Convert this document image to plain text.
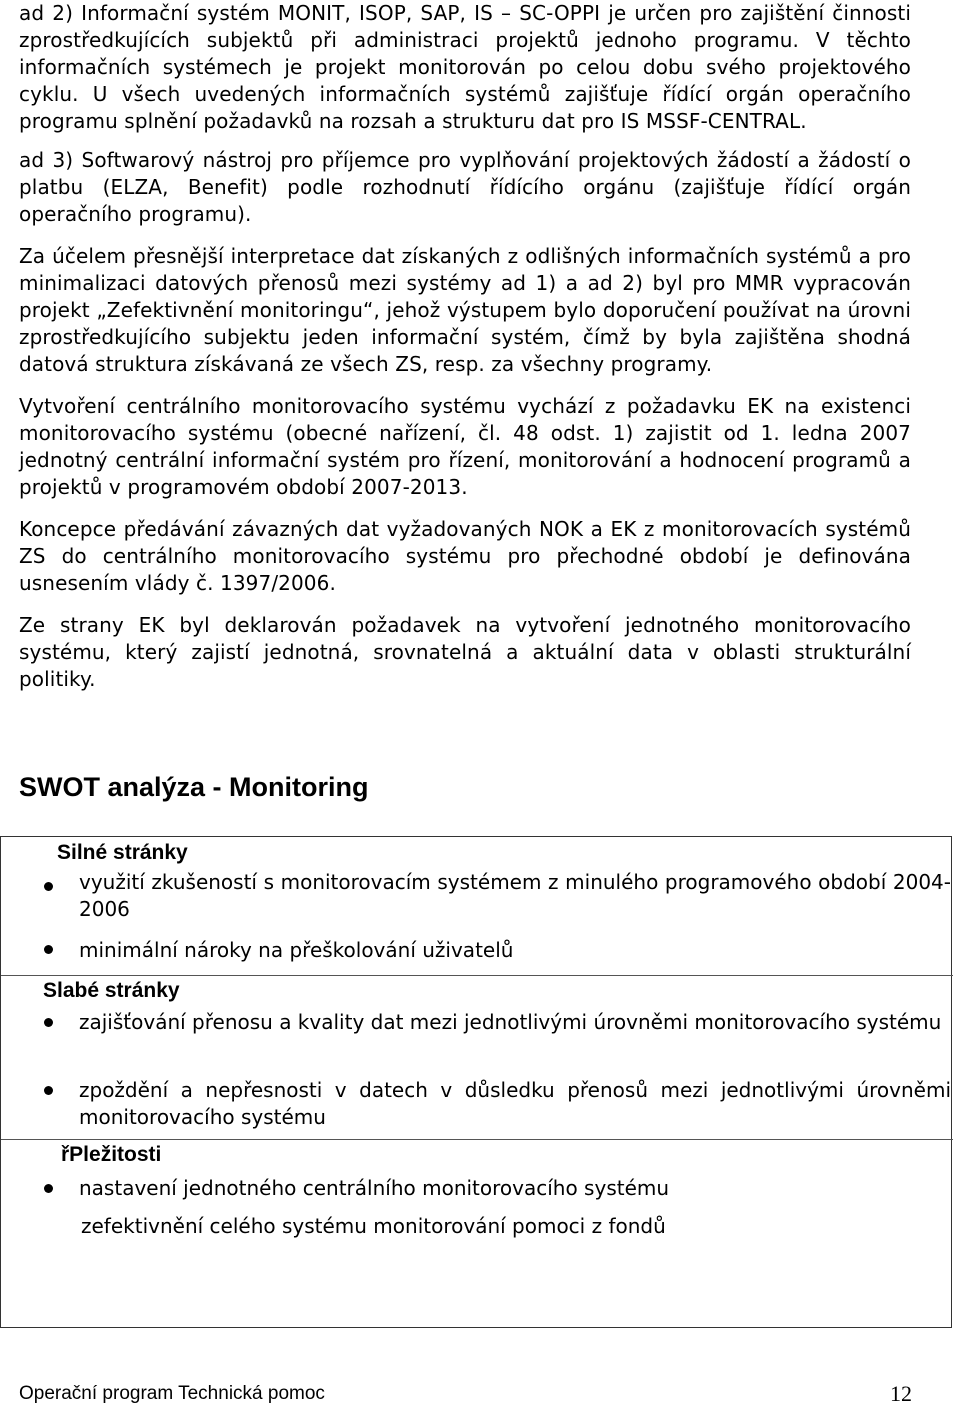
ad 2) Informační systém MONIT, ISOP, SAP, IS – SC-OPPI je určen pro zajištění činnosti zprostředkujících subjektů při administraci projektů jednoho programu. V těchto informačních systémech je projekt monitorován po celou dobu svého projektového cyklu. U všech uvedených informačních systémů zajišťuje řídící orgán operačního programu splnění požadavků na rozsah a strukturu dat pro IS MSSF-CENTRAL.

ad 3) Softwarový nástroj pro příjemce pro vyplňování projektových žádostí a žádostí o platbu (ELZA, Benefit) podle rozhodnutí řídícího orgánu (zajišťuje řídící orgán operačního programu).

Za účelem přesnější interpretace dat získaných z odlišných informačních systémů a pro minimalizaci datových přenosů mezi systémy ad 1) a ad 2) byl pro MMR vypracován projekt „Zefektivnění monitoringu“, jehož výstupem bylo doporučení používat na úrovni zprostředkujícího subjektu jeden informační systém, čímž by byla zajištěna shodná datová struktura získávaná ze všech ZS, resp. za všechny programy.

Vytvoření centrálního monitorovacího systému vychází z požadavku EK na existenci monitorovacího systému (obecné nařízení, čl. 48 odst. 1) zajistit od 1. ledna 2007 jednotný centrální informační systém pro řízení, monitorování a hodnocení programů a projektů v programovém období 2007-2013.

Koncepce předávání závazných dat vyžadovaných NOK a EK z monitorovacích systémů ZS do centrálního monitorovacího systému pro přechodné období je definována usnesením vlády č. 1397/2006.

Ze strany EK byl deklarován požadavek na vytvoření jednotného monitorovacího systému, který zajistí jednotná, srovnatelná a aktuální data v oblasti strukturální politiky.

SWOT analýza - Monitoring
Silné stránky
využití zkušeností s monitorovacím systémem z minulého programového období 2004-2006
minimální nároky na přeškolování uživatelů
Slabé stránky
zajišťování přenosu a kvality dat mezi jednotlivými úrovněmi monitorovacího systému
zpoždění a nepřesnosti v datech v důsledku přenosů mezi jednotlivými úrovněmi monitorovacího systému
řPležitosti
nastavení jednotného centrálního monitorovacího systému
zefektivnění celého systému monitorování pomoci z fondů
Operační program Technická pomoc	12
